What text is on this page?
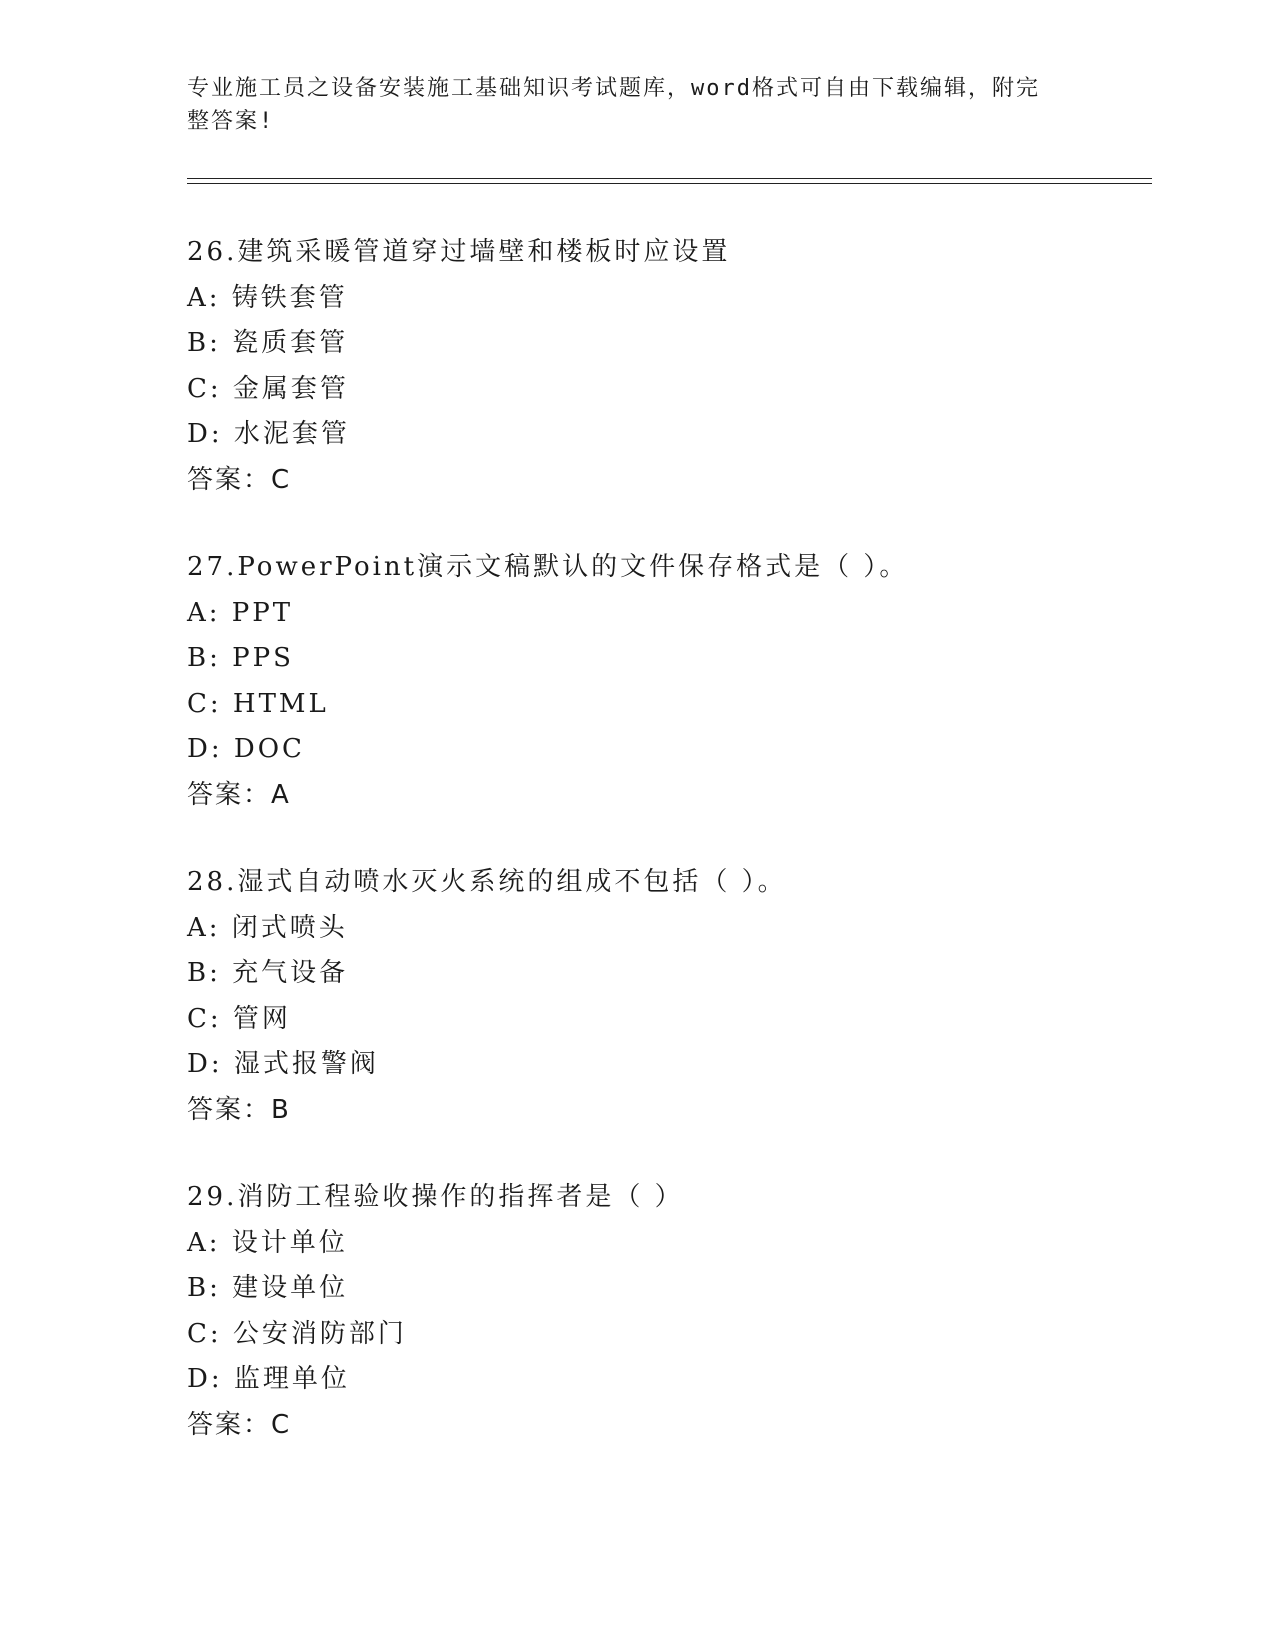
专业施工员之设备安装施工基础知识考试题库，word格式可自由下载编辑，附完
整答案!
26.建筑采暖管道穿过墙壁和楼板时应设置
A: 铸铁套管
B: 瓷质套管
C: 金属套管
D: 水泥套管
答案：C
27.PowerPoint演示文稿默认的文件保存格式是（ ）。
A: PPT
B: PPS
C: HTML
D: DOC
答案：A
28.湿式自动喷水灭火系统的组成不包括（ ）。
A: 闭式喷头
B: 充气设备
C: 管网
D: 湿式报警阀
答案：B
29.消防工程验收操作的指挥者是（ ）
A: 设计单位
B: 建设单位
C: 公安消防部门
D: 监理单位
答案：C
